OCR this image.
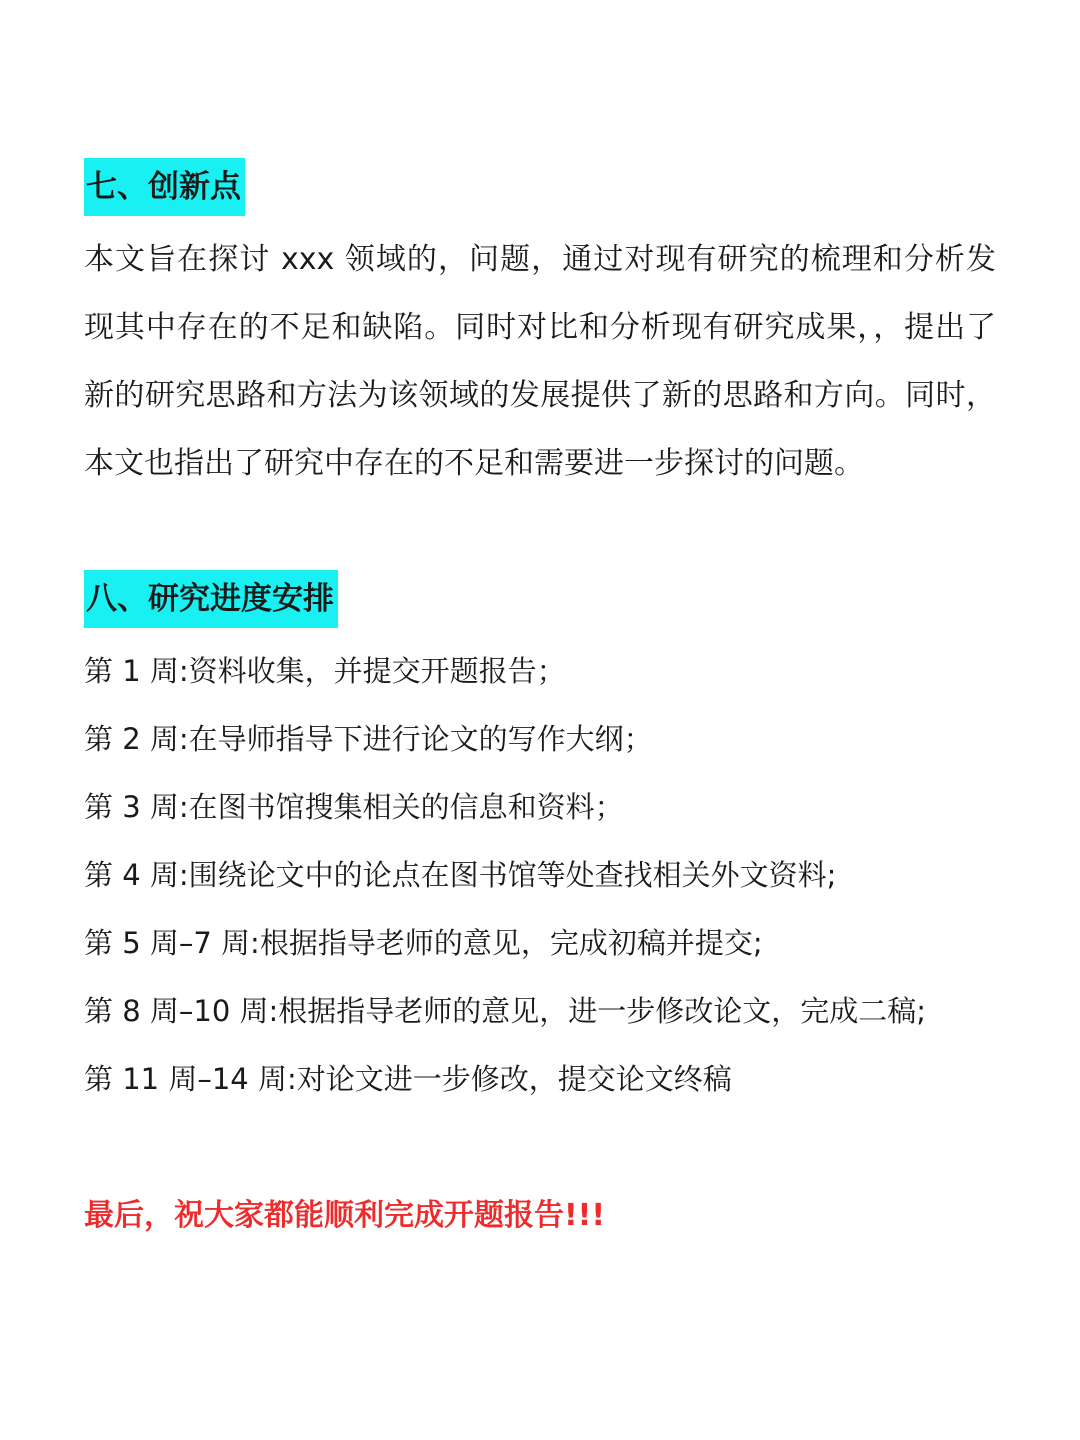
七、创新点
本文旨在探讨 xxx 领域的，问题，通过对现有研究的梳理和分析发现其中存在的不足和缺陷。同时对比和分析现有研究成果，，提出了新的研究思路和方法为该领域的发展提供了新的思路和方向。同时，本文也指出了研究中存在的不足和需要进一步探讨的问题。
八、研究进度安排
第 1 周:资料收集，并提交开题报告；
第 2 周:在导师指导下进行论文的写作大纲；
第 3 周:在图书馆搜集相关的信息和资料；
第 4 周:围绕论文中的论点在图书馆等处查找相关外文资料;
第 5 周–7 周:根据指导老师的意见，完成初稿并提交;
第 8 周–10 周:根据指导老师的意见，进一步修改论文，完成二稿;
第 11 周–14 周:对论文进一步修改，提交论文终稿
最后，祝大家都能顺利完成开题报告!!!
